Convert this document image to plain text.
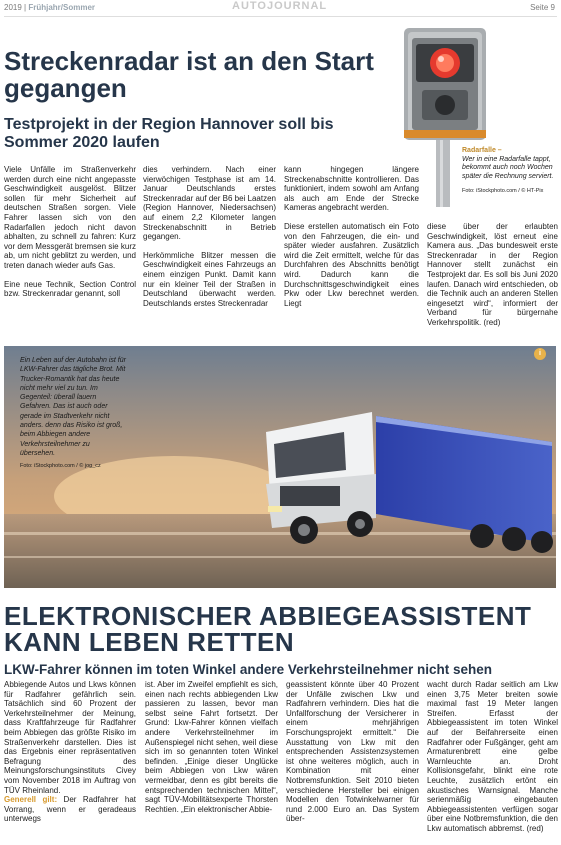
2019 | Frühjahr/Sommer	AUTOJOURNAL	Seite 9
Streckenradar ist an den Start gegangen
Testprojekt in der Region Hannover soll bis Sommer 2020 laufen	Radarfalle –
Wer in eine Radarfalle tappt, bekommt auch noch Wochen später die Rechnung serviert.
Foto: iStockphoto.com / © HT-Pix

Viele Unfälle im Straßenverkehr werden durch eine nicht angepasste Geschwindigkeit ausgelöst. Blitzer sollen für mehr Sicherheit auf deutschen Straßen sorgen. Viele Fahrer lassen sich von den Radarfallen jedoch nicht davon abhalten, zu schnell zu fahren: Kurz vor dem Messgerät bremsen sie kurz ab, um nicht geblitzt zu werden, und treten danach wieder aufs Gas.

Eine neue Technik, Section Control bzw. Streckenradar genannt, soll

dies verhindern. Nach einer vierwöchigen Testphase ist am 14. Januar Deutschlands erstes Streckenradar auf der B6 bei Laatzen (Region Hannover, Niedersachsen) auf einem 2,2 Kilometer langen Streckenabschnitt in Betrieb gegangen.

Herkömmliche Blitzer messen die Geschwindigkeit eines Fahrzeugs an einem einzigen Punkt. Damit kann nur ein kleiner Teil der Straßen in Deutschland überwacht werden. Deutschlands erstes Streckenradar

kann hingegen längere Streckenabschnitte kontrollieren. Das funktioniert, indem sowohl am Anfang als auch am Ende der Strecke Kameras angebracht werden.

Diese erstellen automatisch ein Foto von den Fahrzeugen, die ein- und später wieder ausfahren. Zusätzlich wird die Zeit ermittelt, welche für das Durchfahren des Abschnitts benötigt wird. Dadurch kann die Durchschnittsgeschwindigkeit eines Pkw oder Lkw berechnet werden. Liegt

diese über der erlaubten Geschwindigkeit, löst erneut eine Kamera aus. „Das bundesweit erste Streckenradar in der Region Hannover stellt zunächst ein Testprojekt dar. Es soll bis Juni 2020 laufen. Danach wird entschieden, ob die Technik auch an anderen Stellen eingesetzt wird“, informiert der Verband für bürgernahe Verkehrspolitik. (red)

i
Ein Leben auf der Autobahn ist für LKW-Fahrer das tägliche Brot. Mit Trucker-Romantik hat das heute nicht mehr viel zu tun. Im Gegenteil: überall lauern Gefahren. Das ist auch oder gerade im Stadtverkehr nicht anders. denn das Risiko ist groß, beim Abbiegen andere Verkehrsteilnehmer zu übersehen.
Foto: iStockphoto.com / © jog_cz
ELEKTRONISCHER ABBIEGEASSISTENT KANN LEBEN RETTEN
LKW-Fahrer können im toten Winkel andere Verkehrsteilnehmer nicht sehen

Abbiegende Autos und Lkws können für Radfahrer gefährlich sein. Tatsächlich sind 60 Prozent der Verkehrsteilnehmer der Meinung, dass Kraftfahrzeuge für Radfahrer beim Abbiegen das größte Risiko im Straßenverkehr darstellen. Dies ist das Ergebnis einer repräsentativen Befragung des Meinungsforschungsinstituts Civey vom November 2018 im Auftrag von TÜV Rheinland.

Generell gilt: Der Radfahrer hat Vorrang, wenn er geradeaus unterwegs

ist. Aber im Zweifel empfiehlt es sich, einen nach rechts abbiegenden Lkw passieren zu lassen, bevor man selbst seine Fahrt fortsetzt. Der Grund: Lkw-Fahrer können vielfach andere Verkehrsteilnehmer im Außenspiegel nicht sehen, weil diese sich im so genannten toten Winkel befinden. „Einige dieser Unglücke beim Abbiegen von Lkw wären vermeidbar, denn es gibt bereits die entsprechenden technischen Mittel“, sagt TÜV-Mobilitätsexperte Thorsten Rechtien. „Ein elektronischer Abbie-

geassistent könnte über 40 Prozent der Unfälle zwischen Lkw und Radfahrern verhindern. Dies hat die Unfallforschung der Versicherer in einem mehrjährigen Forschungsprojekt ermittelt.“ Die Ausstattung von Lkw mit den entsprechenden Assistenzsystemen ist ohne weiteres möglich, auch in Kombination mit einer Notbremsfunktion. Seit 2010 bieten verschiedene Hersteller bei einigen Modellen den Totwinkelwarner für rund 2.000 Euro an. Das System über-

wacht durch Radar seitlich am Lkw einen 3,75 Meter breiten sowie maximal fast 19 Meter langen Streifen. Erfasst der Abbiegeassistent im toten Winkel auf der Beifahrerseite einen Radfahrer oder Fußgänger, geht am Armaturenbrett eine gelbe Warnleuchte an. Droht Kollisionsgefahr, blinkt eine rote Leuchte, zusätzlich ertönt ein akustisches Warnsignal. Manche serienmäßig eingebauten Abbiegeassistenten verfügen sogar über eine Notbremsfunktion, die den Lkw automatisch abbremst. (red)
